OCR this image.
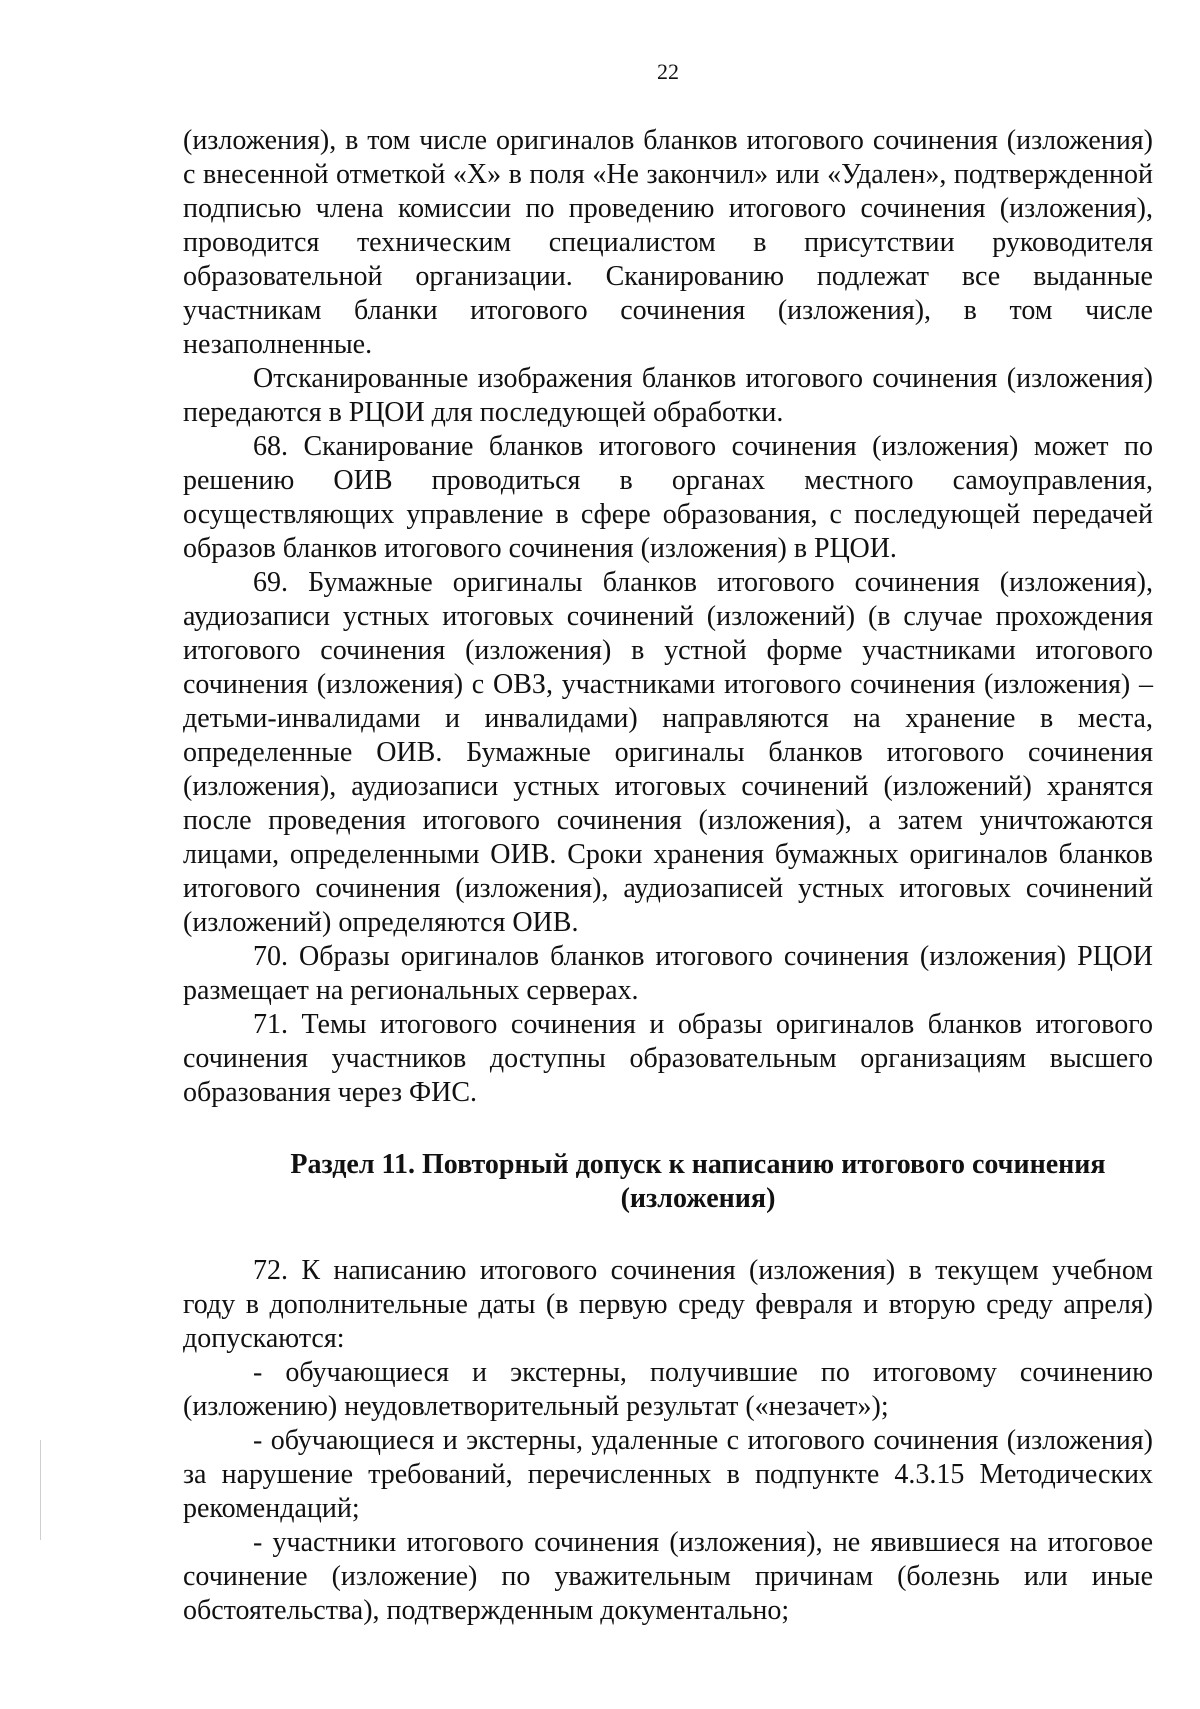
22

(изложения), в том числе оригиналов бланков итогового сочинения (изложения) с внесенной отметкой «Х» в поля «Не закончил» или «Удален», подтвержденной подписью члена комиссии по проведению итогового сочинения (изложения), проводится техническим специалистом в присутствии руководителя образовательной организации. Сканированию подлежат все выданные участникам бланки итогового сочинения (изложения), в том числе незаполненные.

Отсканированные изображения бланков итогового сочинения (изложения) передаются в РЦОИ для последующей обработки.

68. Сканирование бланков итогового сочинения (изложения) может по решению ОИВ проводиться в органах местного самоуправления, осуществляющих управление в сфере образования, с последующей передачей образов бланков итогового сочинения (изложения) в РЦОИ.

69. Бумажные оригиналы бланков итогового сочинения (изложения), аудиозаписи устных итоговых сочинений (изложений) (в случае прохождения итогового сочинения (изложения) в устной форме участниками итогового сочинения (изложения) с ОВЗ, участниками итогового сочинения (изложения) – детьми-инвалидами и инвалидами) направляются на хранение в места, определенные ОИВ. Бумажные оригиналы бланков итогового сочинения (изложения), аудиозаписи устных итоговых сочинений (изложений) хранятся после проведения итогового сочинения (изложения), а затем уничтожаются лицами, определенными ОИВ. Сроки хранения бумажных оригиналов бланков итогового сочинения (изложения), аудиозаписей устных итоговых сочинений (изложений) определяются ОИВ.

70. Образы оригиналов бланков итогового сочинения (изложения) РЦОИ размещает на региональных серверах.

71. Темы итогового сочинения и образы оригиналов бланков итогового сочинения участников доступны образовательным организациям высшего образования через ФИС.

Раздел 11. Повторный допуск к написанию итогового сочинения
(изложения)

72. К написанию итогового сочинения (изложения) в текущем учебном году в дополнительные даты (в первую среду февраля и вторую среду апреля) допускаются:

- обучающиеся и экстерны, получившие по итоговому сочинению (изложению) неудовлетворительный результат («незачет»);

- обучающиеся и экстерны, удаленные с итогового сочинения (изложения) за нарушение требований, перечисленных в подпункте 4.3.15 Методических рекомендаций;

- участники итогового сочинения (изложения), не явившиеся на итоговое сочинение (изложение) по уважительным причинам (болезнь или иные обстоятельства), подтвержденным документально;
